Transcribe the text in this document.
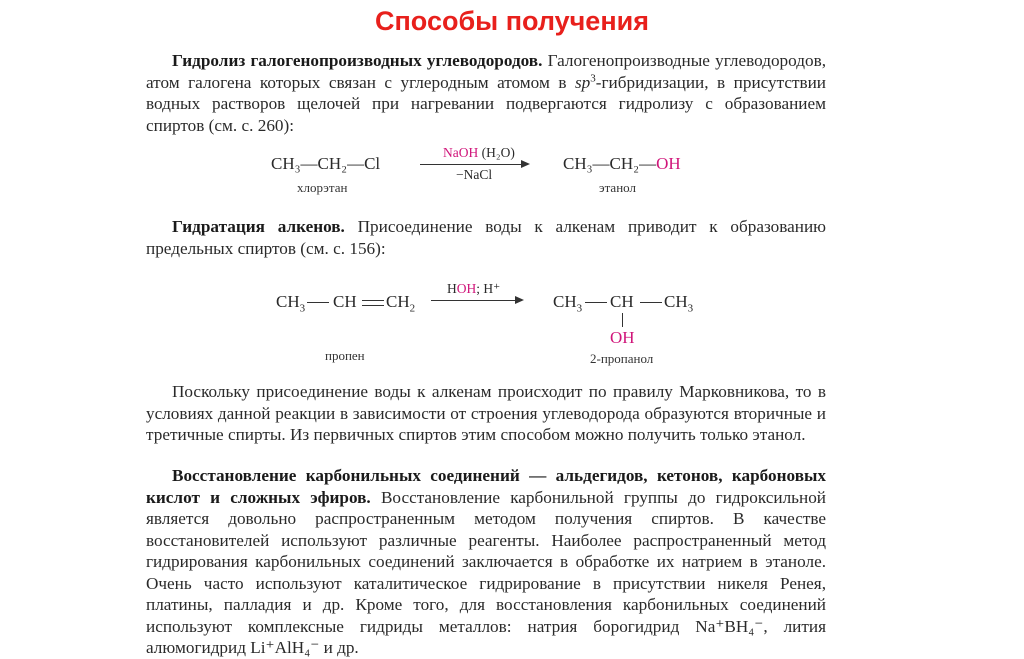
Способы получения
Гидролиз галогенопроизводных углеводородов. Галогенопроизводные углеводородов, атом галогена которых связан с углеродным атомом в $sp^3$-гибридизации, в присутствии водных растворов щелочей при нагревании подвергаются гидролизу с образованием спиртов (см. с. 260):
CH₃—CH₂—Cl
хлорэтан
NaOH (H₂O)
−NaCl
CH₃—CH₂—OH
этанол
Гидратация алкенов. Присоединение воды к алкенам приводит к образованию предельных спиртов (см. с. 156):
$CH_3$ CH $CH_2$
пропен
HOH; H⁺
$CH_3$ CH $CH_3$
OH
2-пропанол
Поскольку присоединение воды к алкенам происходит по правилу Марковникова, то в условиях данной реакции в зависимости от строения углеводорода образуются вторичные и третичные спирты. Из первичных спиртов этим способом можно получить только этанол.
Восстановление карбонильных соединений — альдегидов, кетонов, карбоновых кислот и сложных эфиров. Восстановление карбонильной группы до гидроксильной является довольно распространенным методом получения спиртов. В качестве восстановителей используют различные реагенты. Наиболее распространенный метод гидрирования карбонильных соединений заключается в обработке их натрием в этаноле. Очень часто используют каталитическое гидрирование в присутствии никеля Ренея, платины, палладия и др. Кроме того, для восстановления карбонильных соединений используют комплексные гидриды металлов: натрия борогидрид Na⁺BH₄⁻, лития алюмогидрид Li⁺AlH₄⁻ и др.
